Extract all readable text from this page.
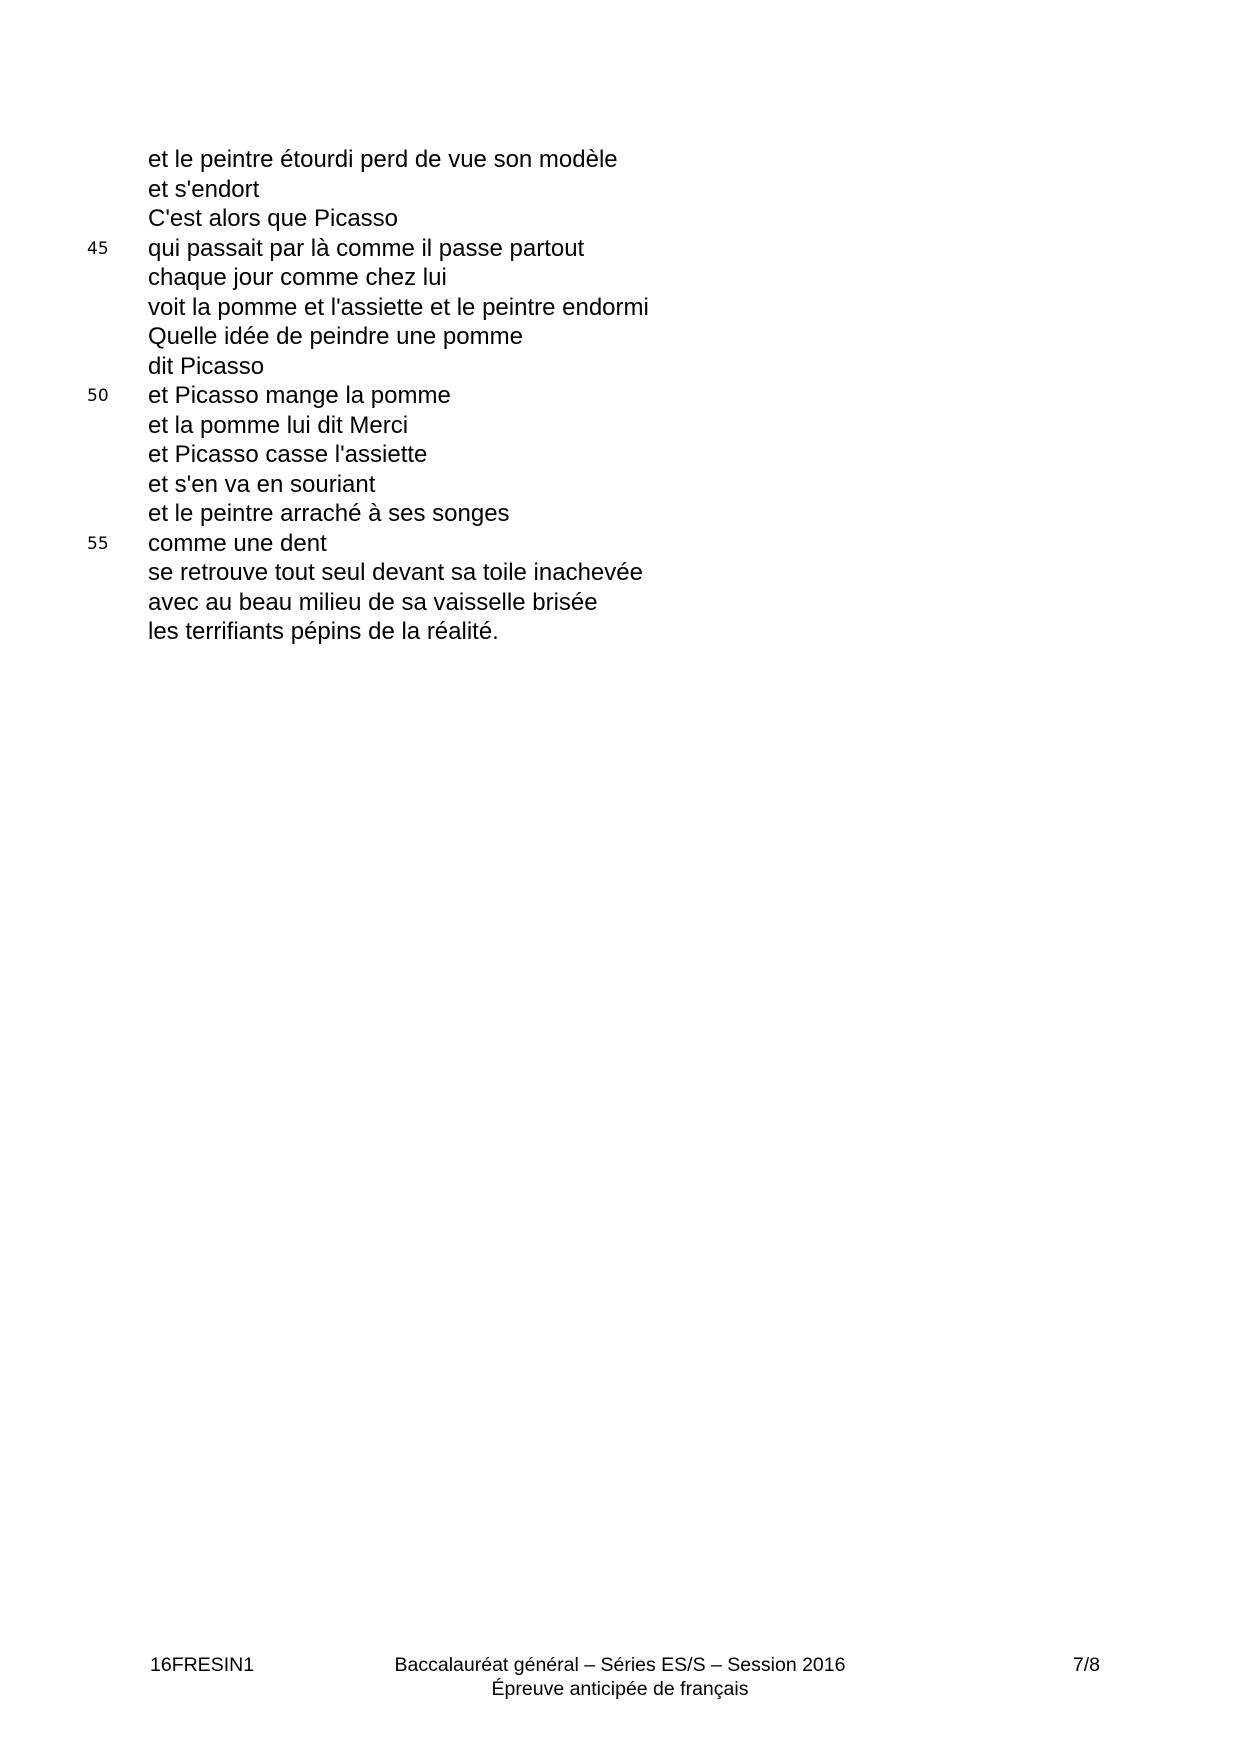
et le peintre étourdi perd de vue son modèle
et s'endort
C'est alors que Picasso
45 qui passait par là comme il passe partout
chaque jour comme chez lui
voit la pomme et l'assiette et le peintre endormi
Quelle idée de peindre une pomme
dit Picasso
50 et Picasso mange la pomme
et la pomme lui dit Merci
et Picasso casse l'assiette
et s'en va en souriant
et le peintre arraché à ses songes
55 comme une dent
se retrouve tout seul devant sa toile inachevée
avec au beau milieu de sa vaisselle brisée
les terrifiants pépins de la réalité.
16FRESIN1	Baccalauréat général – Séries ES/S – Session 2016
Épreuve anticipée de français
7/8
